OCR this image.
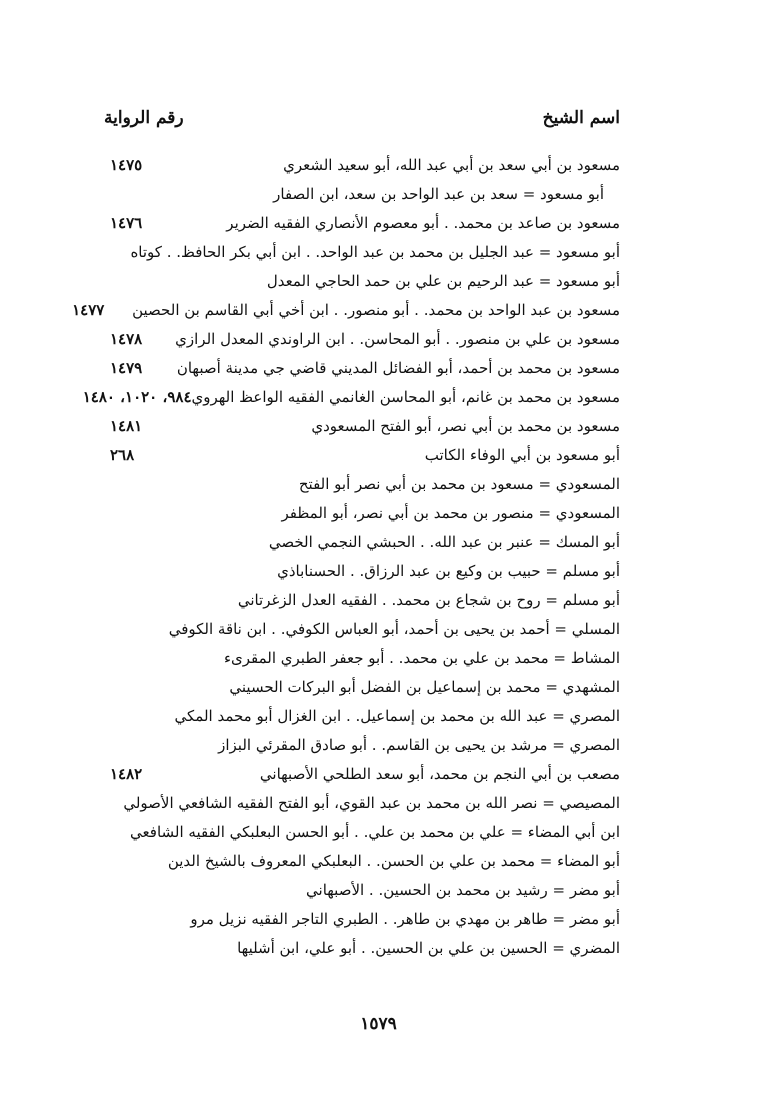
اسم الشيخ
رقم الرواية
مسعود بن أبي سعد بن أبي عبد الله، أبو سعيد الشعري
١٤٧٥
أبو مسعود = سعد بن عبد الواحد بن سعد، ابن الصفار
مسعود بن صاعد بن محمد. . أبو معصوم الأنصاري الفقيه الضرير
١٤٧٦
أبو مسعود = عبد الجليل بن محمد بن عبد الواحد. . ابن أبي بكر الحافظ. . كوتاه
أبو مسعود = عبد الرحيم بن علي بن حمد الحاجي المعدل
مسعود بن عبد الواحد بن محمد. . أبو منصور. . ابن أخي أبي القاسم بن الحصين
١٤٧٧
مسعود بن علي بن منصور. . أبو المحاسن. . ابن الراوندي المعدل الرازي
١٤٧٨
مسعود بن محمد بن أحمد، أبو الفضائل المديني قاضي جي مدينة أصبهان
١٤٧٩
مسعود بن محمد بن غانم، أبو المحاسن الغانمي الفقيه الواعظ الهروي
٩٨٤، ١٠٢٠، ١٤٨٠
مسعود بن محمد بن أبي نصر، أبو الفتح المسعودي
١٤٨١
أبو مسعود بن أبي الوفاء الكاتب
٢٦٨
المسعودي = مسعود بن محمد بن أبي نصر أبو الفتح
المسعودي = منصور بن محمد بن أبي نصر، أبو المظفر
أبو المسك = عنبر بن عبد الله. . الحبشي النجمي الخصي
أبو مسلم = حبيب بن وكيع بن عبد الرزاق. . الحسناباذي
أبو مسلم = روح بن شجاع بن محمد. . الفقيه العدل الزغرتاني
المسلي = أحمد بن يحيى بن أحمد، أبو العباس الكوفي. . ابن ناقة الكوفي
المشاط = محمد بن علي بن محمد. . أبو جعفر الطبري المقرىء
المشهدي = محمد بن إسماعيل بن الفضل أبو البركات الحسيني
المصري = عبد الله بن محمد بن إسماعيل. . ابن الغزال أبو محمد المكي
المصري = مرشد بن يحيى بن القاسم. . أبو صادق المقرئي البزاز
مصعب بن أبي النجم بن محمد، أبو سعد الطلحي الأصبهاني
١٤٨٢
المصيصي = نصر الله بن محمد بن عبد القوي، أبو الفتح الفقيه الشافعي الأصولي
ابن أبي المضاء = علي بن محمد بن علي. . أبو الحسن البعلبكي الفقيه الشافعي
أبو المضاء = محمد بن علي بن الحسن. . البعلبكي المعروف بالشيخ الدين
أبو مضر = رشيد بن محمد بن الحسين. . الأصبهاني
أبو مضر = طاهر بن مهدي بن طاهر. . الطبري التاجر الفقيه نزيل مرو
المضري = الحسين بن علي بن الحسين. . أبو علي، ابن أشليها
١٥٧٩
